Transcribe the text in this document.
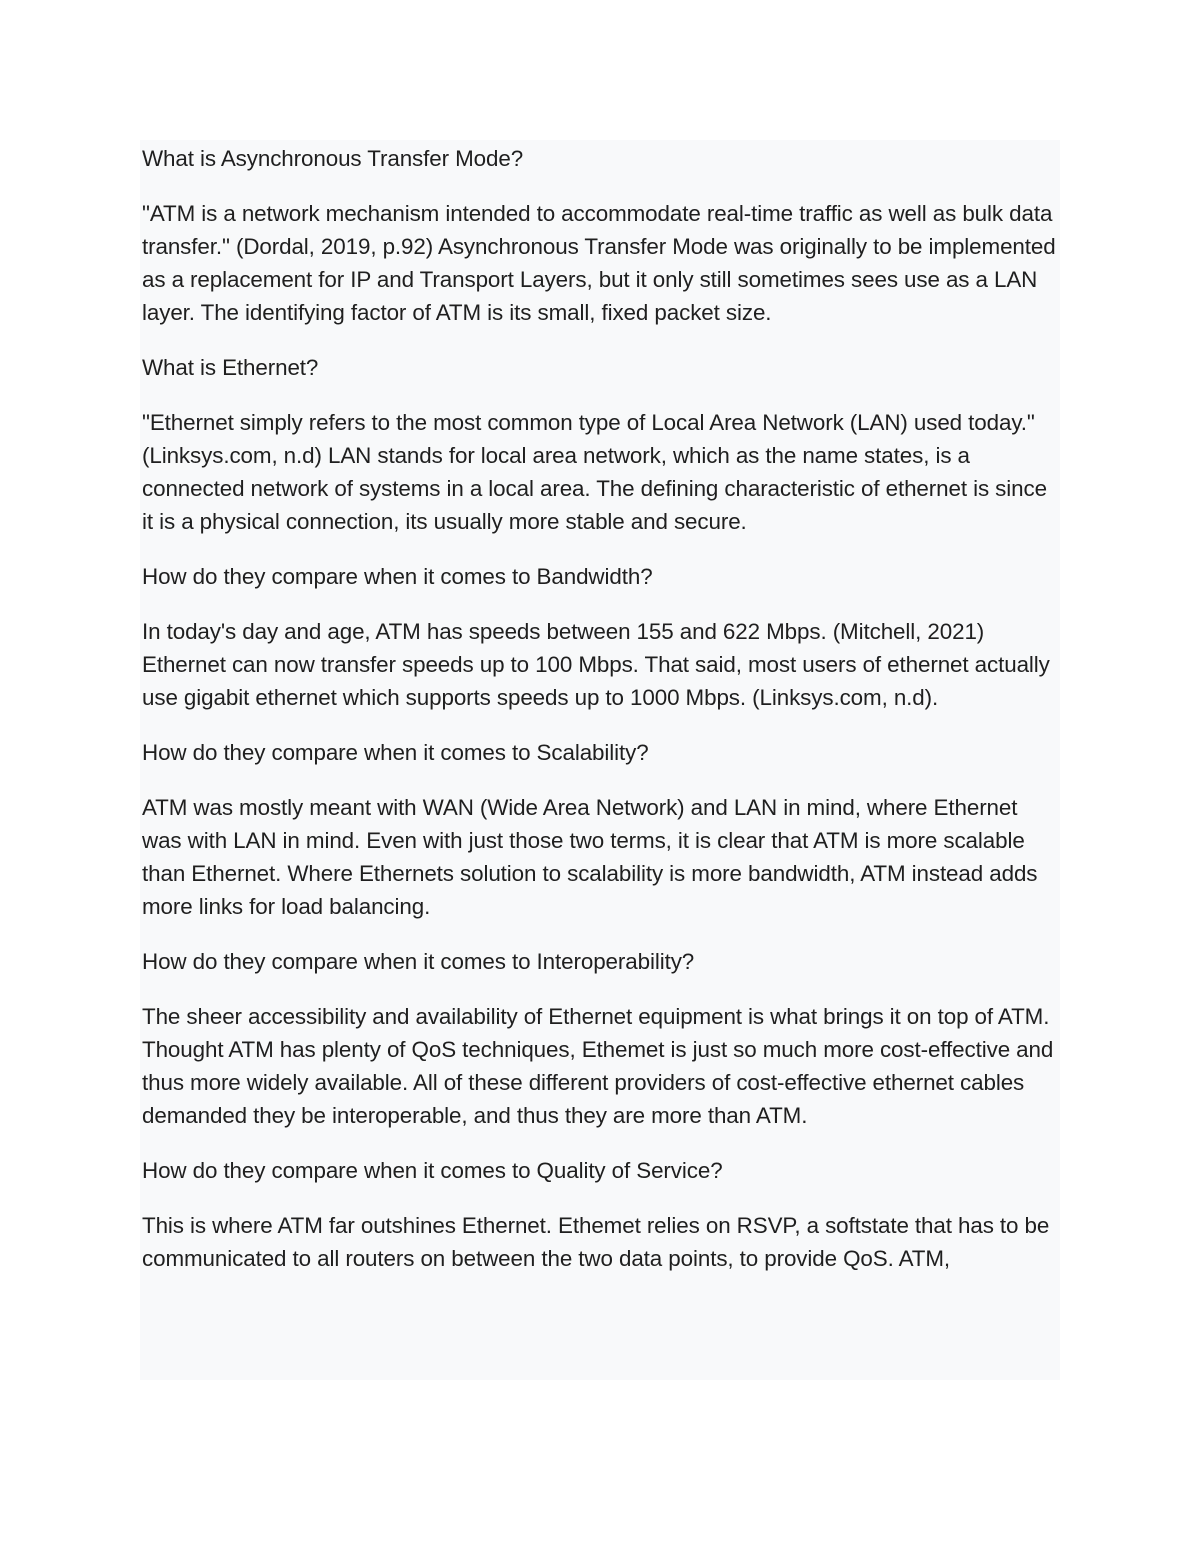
What is Asynchronous Transfer Mode?

"ATM is a network mechanism intended to accommodate real-time traffic as well as bulk data transfer." (Dordal, 2019, p.92) Asynchronous Transfer Mode was originally to be implemented as a replacement for IP and Transport Layers, but it only still sometimes sees use as a LAN layer. The identifying factor of ATM is its small, fixed packet size.

What is Ethernet?

"Ethernet simply refers to the most common type of Local Area Network (LAN) used today." (Linksys.com, n.d) LAN stands for local area network, which as the name states, is a connected network of systems in a local area. The defining characteristic of ethernet is since it is a physical connection, its usually more stable and secure.

How do they compare when it comes to Bandwidth?

In today's day and age, ATM has speeds between 155 and 622 Mbps. (Mitchell, 2021) Ethernet can now transfer speeds up to 100 Mbps. That said, most users of ethernet actually use gigabit ethernet which supports speeds up to 1000 Mbps. (Linksys.com, n.d).

How do they compare when it comes to Scalability?

ATM was mostly meant with WAN (Wide Area Network) and LAN in mind, where Ethernet was with LAN in mind. Even with just those two terms, it is clear that ATM is more scalable than Ethernet. Where Ethernets solution to scalability is more bandwidth, ATM instead adds more links for load balancing.

How do they compare when it comes to Interoperability?

The sheer accessibility and availability of Ethernet equipment is what brings it on top of ATM. Thought ATM has plenty of QoS techniques, Ethemet is just so much more cost-effective and thus more widely available. All of these different providers of cost-effective ethernet cables demanded they be interoperable, and thus they are more than ATM.

How do they compare when it comes to Quality of Service?

This is where ATM far outshines Ethernet. Ethemet relies on RSVP, a softstate that has to be communicated to all routers on between the two data points, to provide QoS. ATM,
